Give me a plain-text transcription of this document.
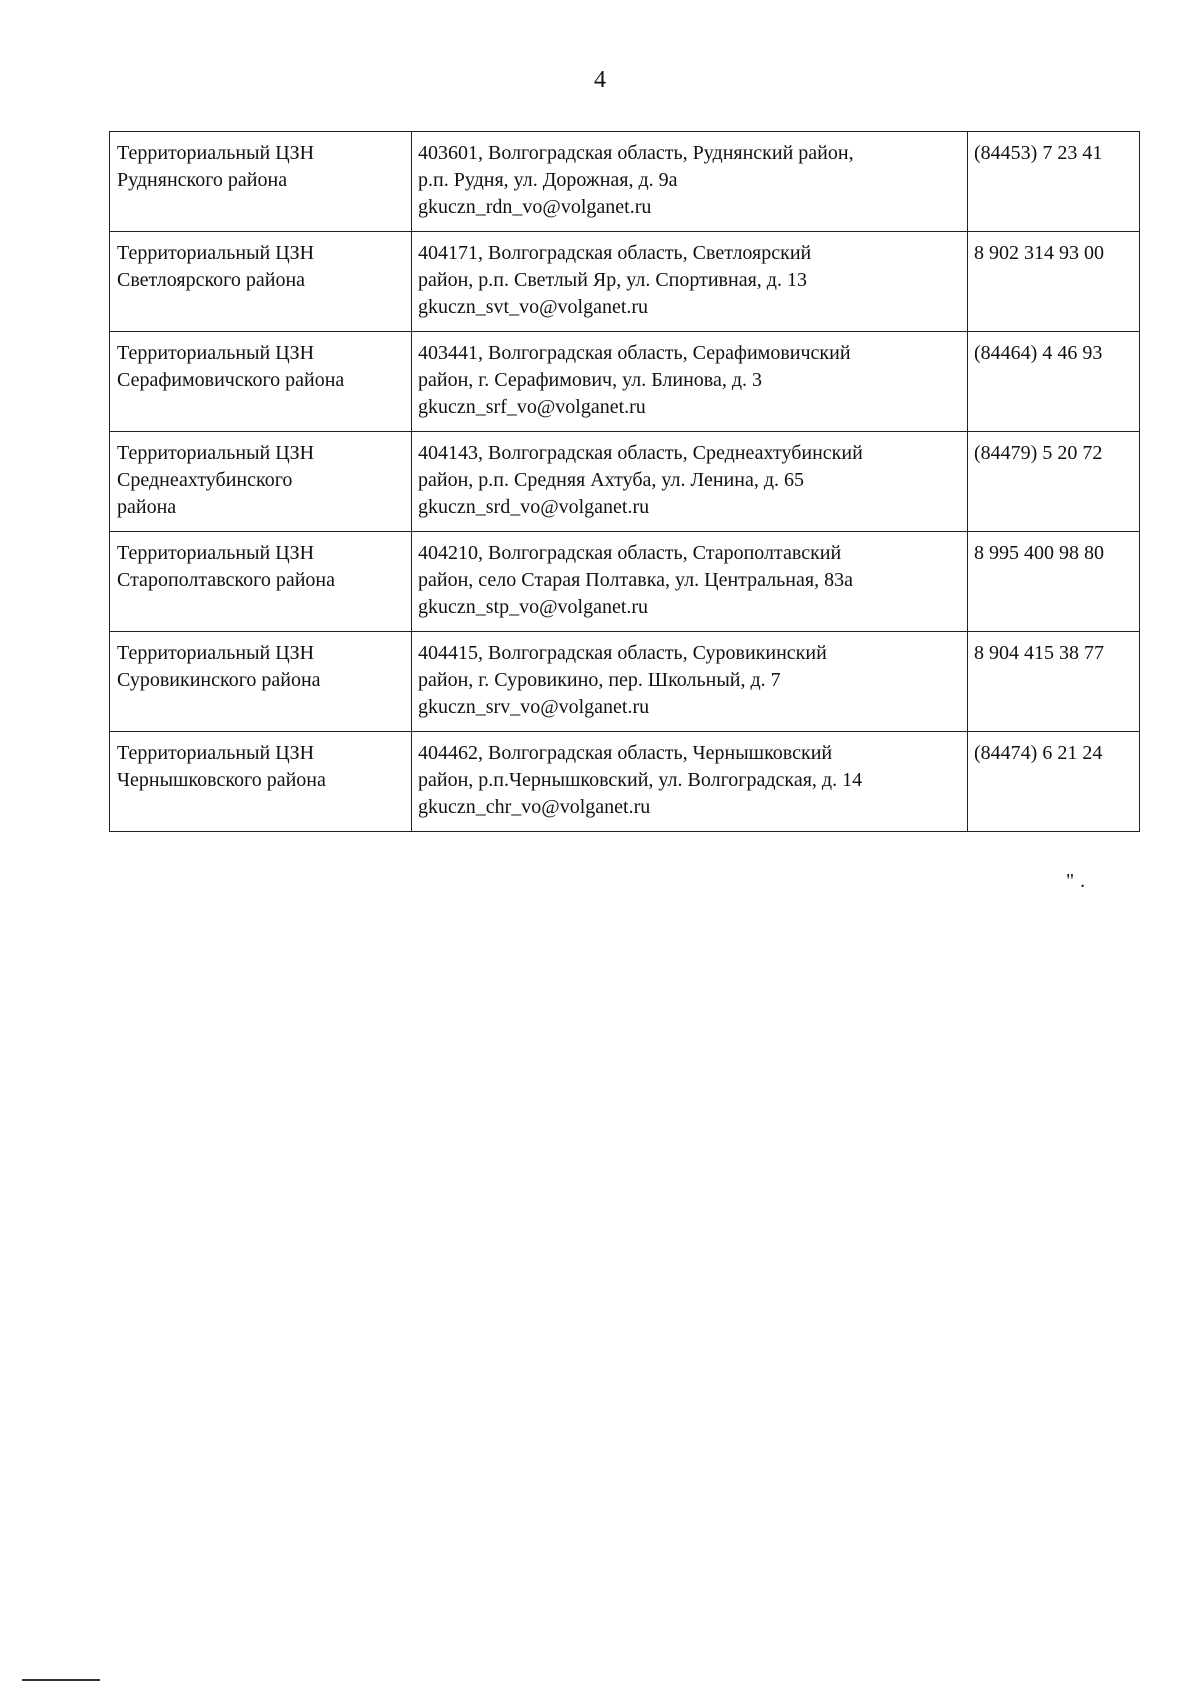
4
Территориальный ЦЗН
Руднянского района	403601, Волгоградская область, Руднянский район,
р.п. Рудня, ул. Дорожная, д. 9а
gkuczn_rdn_vo@volganet.ru	(84453) 7 23 41

Территориальный ЦЗН
Светлоярского района	404171, Волгоградская область, Светлоярский
район, р.п. Светлый Яр, ул. Спортивная, д. 13
gkuczn_svt_vo@volganet.ru	8 902 314 93 00

Территориальный ЦЗН
Серафимовичского района	403441, Волгоградская область, Серафимовичский
район, г. Серафимович, ул. Блинова, д. 3
gkuczn_srf_vo@volganet.ru	(84464) 4 46 93

Территориальный ЦЗН
Среднеахтубинского
района	404143, Волгоградская область, Среднеахтубинский
район, р.п. Средняя Ахтуба, ул. Ленина, д. 65
gkuczn_srd_vo@volganet.ru	(84479) 5 20 72

Территориальный ЦЗН
Старополтавского района	404210, Волгоградская область, Старополтавский
район, село Старая Полтавка, ул. Центральная, 83а
gkuczn_stp_vo@volganet.ru	8 995 400 98 80

Территориальный ЦЗН
Суровикинского района	404415, Волгоградская область, Суровикинский
район, г. Суровикино, пер. Школьный, д. 7
gkuczn_srv_vo@volganet.ru	8 904 415 38 77

Территориальный ЦЗН
Чернышковского района	404462, Волгоградская область, Чернышковский
район, р.п.Чернышковский, ул. Волгоградская, д. 14
gkuczn_chr_vo@volganet.ru	(84474) 6 21 24
".
